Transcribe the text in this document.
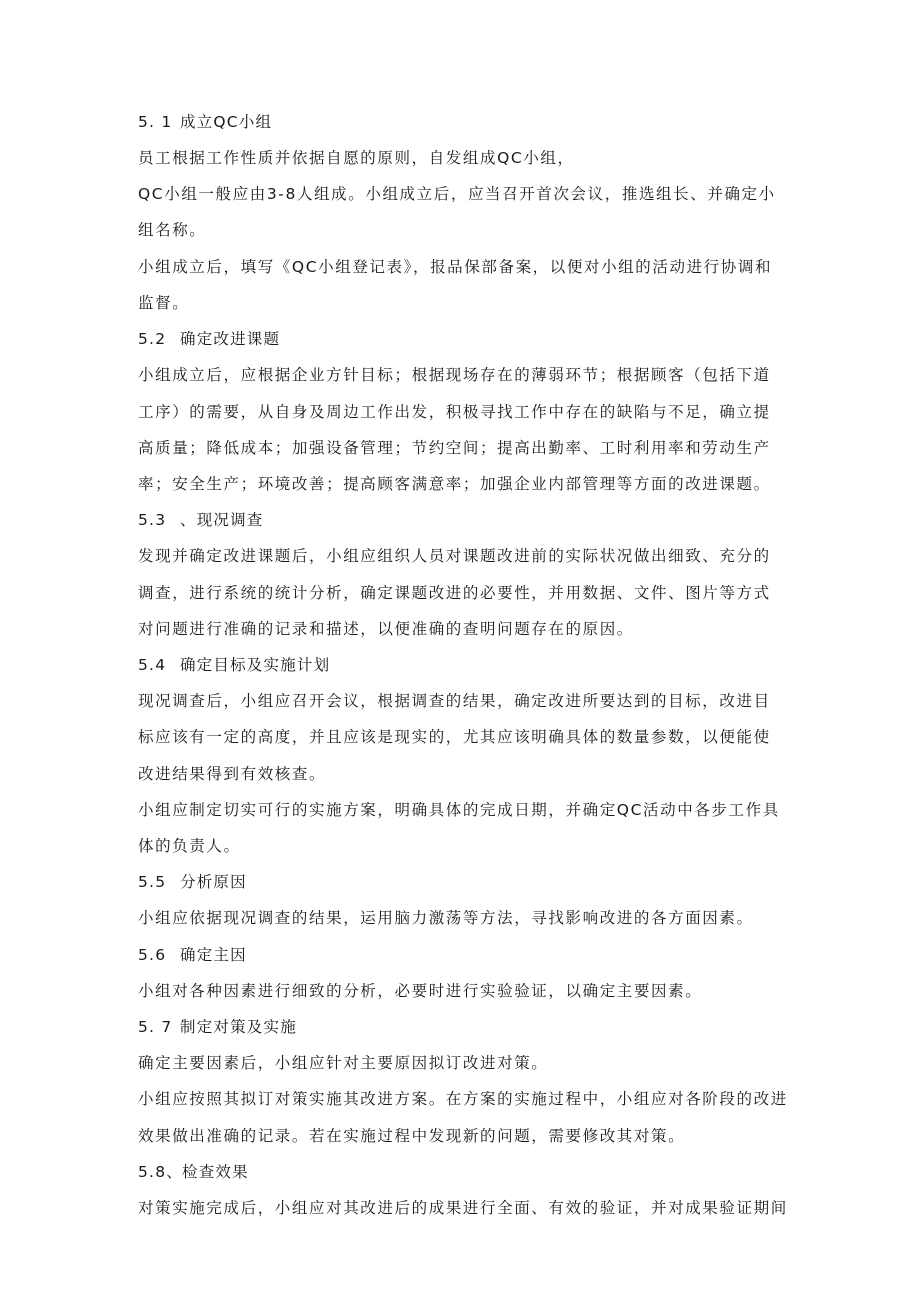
5. 1 成立QC小组
员工根据工作性质并依据自愿的原则，自发组成QC小组，
QC小组一般应由3-8人组成。小组成立后，应当召开首次会议，推选组长、并确定小
组名称。
小组成立后，填写《QC小组登记表》，报品保部备案，以便对小组的活动进行协调和
监督。
5.2 确定改进课题
小组成立后，应根据企业方针目标；根据现场存在的薄弱环节；根据顾客（包括下道
工序）的需要，从自身及周边工作出发，积极寻找工作中存在的缺陷与不足，确立提
高质量；降低成本；加强设备管理；节约空间；提高出勤率、工时利用率和劳动生产
率；安全生产；环境改善；提高顾客满意率；加强企业内部管理等方面的改进课题。
5.3 、现况调查
发现并确定改进课题后，小组应组织人员对课题改进前的实际状况做出细致、充分的
调查，进行系统的统计分析，确定课题改进的必要性，并用数据、文件、图片等方式
对问题进行准确的记录和描述，以便准确的查明问题存在的原因。
5.4 确定目标及实施计划
现况调查后，小组应召开会议，根据调查的结果，确定改进所要达到的目标，改进目
标应该有一定的高度，并且应该是现实的，尤其应该明确具体的数量参数，以便能使
改进结果得到有效核查。
小组应制定切实可行的实施方案，明确具体的完成日期，并确定QC活动中各步工作具
体的负责人。
5.5 分析原因
小组应依据现况调查的结果，运用脑力激荡等方法，寻找影响改进的各方面因素。
5.6 确定主因
小组对各种因素进行细致的分析，必要时进行实验验证，以确定主要因素。
5. 7 制定对策及实施
确定主要因素后，小组应针对主要原因拟订改进对策。
小组应按照其拟订对策实施其改进方案。在方案的实施过程中，小组应对各阶段的改进
效果做出准确的记录。若在实施过程中发现新的问题，需要修改其对策。
5.8、检查效果
对策实施完成后，小组应对其改进后的成果进行全面、有效的验证，并对成果验证期间
